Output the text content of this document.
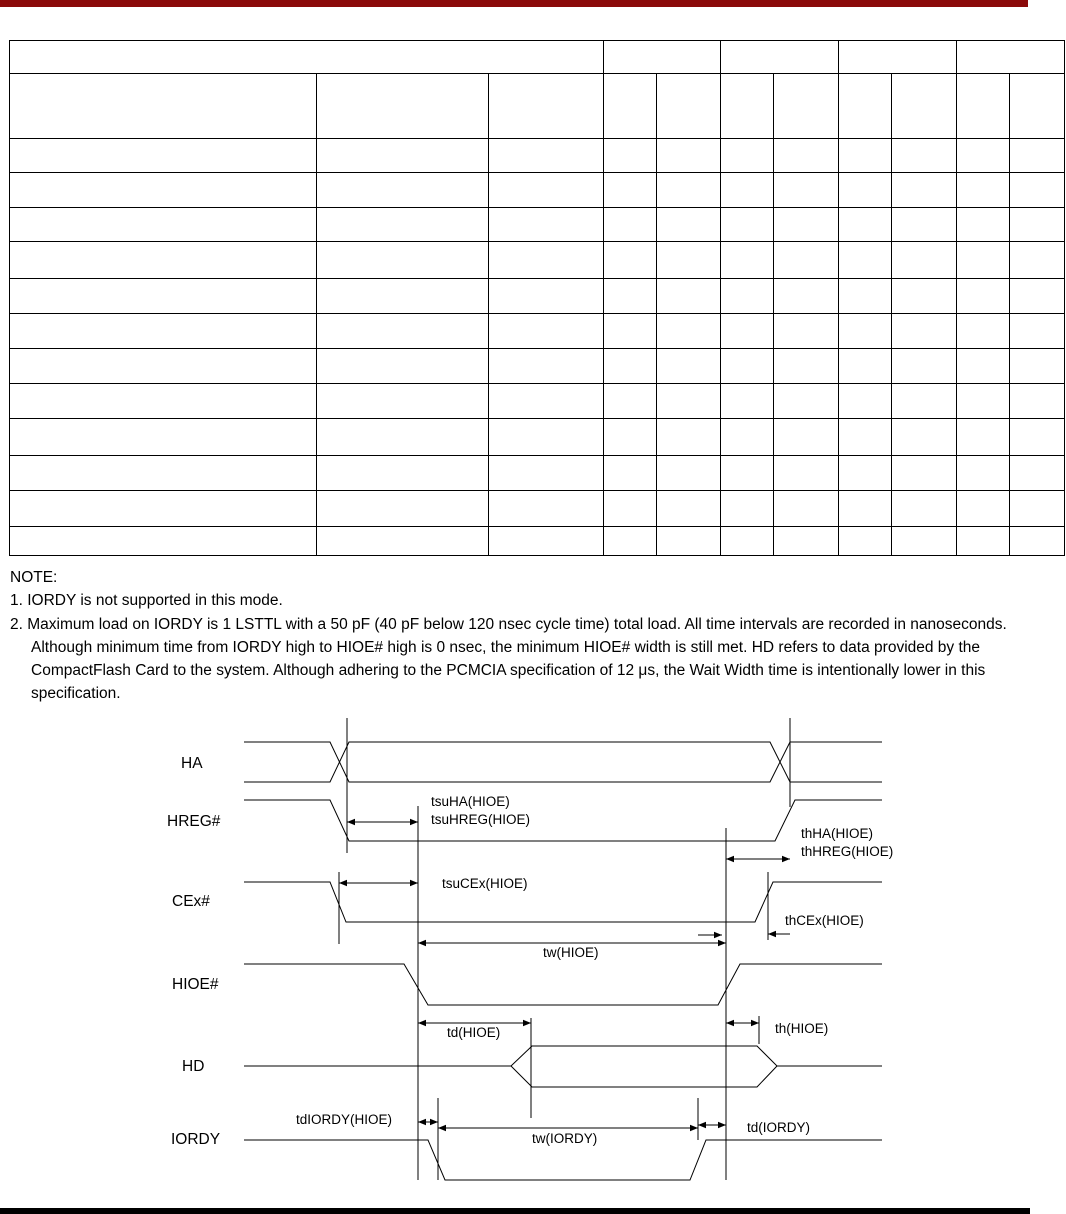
NOTE:
1. IORDY is not supported in this mode.
2. Maximum load on IORDY is 1 LSTTL with a 50 pF (40 pF below 120 nsec cycle time) total load. All time intervals are recorded in nanoseconds. Although minimum time from IORDY high to HIOE# high is 0 nsec, the minimum HIOE# width is still met. HD refers to data provided by the CompactFlash Card to the system. Although adhering to the PCMCIA specification of 12 μs, the Wait Width time is intentionally lower in this specification.
HA
HREG#
CEx#
HIOE#
HD
IORDY
tsuHA(HIOE)
tsuHREG(HIOE)
thHA(HIOE)
thHREG(HIOE)
tsuCEx(HIOE)
thCEx(HIOE)
tw(HIOE)
td(HIOE)	th(HIOE)
tdIORDY(HIOE)
tw(IORDY)
td(IORDY)
